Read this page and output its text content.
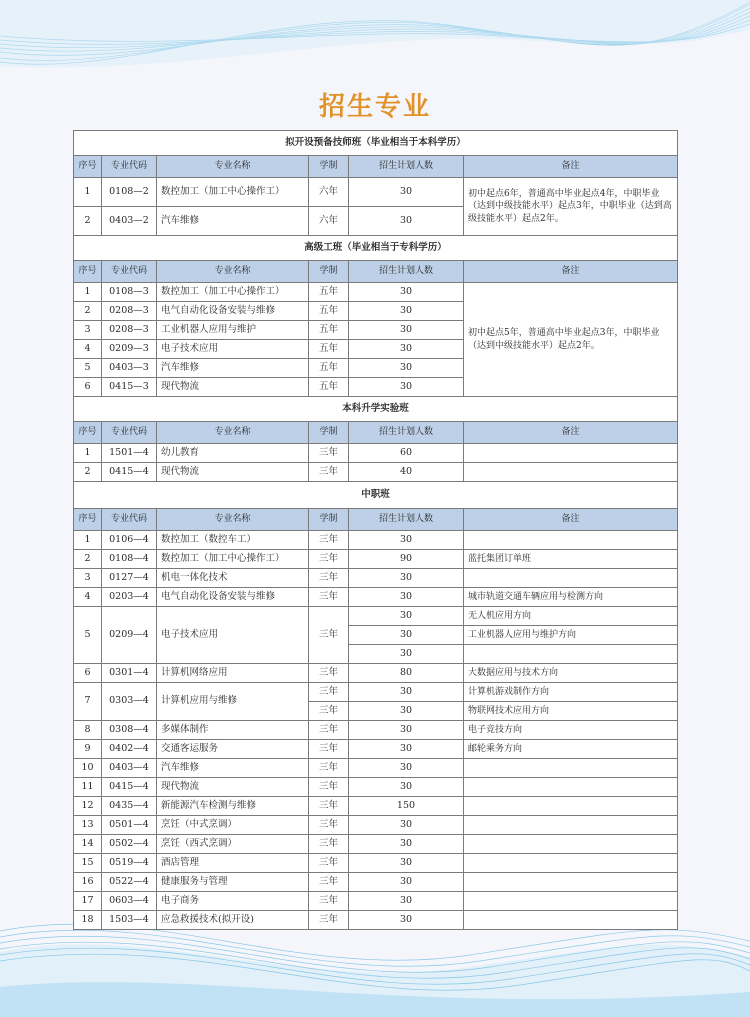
招生专业
拟开设预备技师班（毕业相当于本科学历）					
序号	专业代码	专业名称	学制	招生计划人数	备注
1	0108—2	数控加工（加工中心操作工）	六年	30	初中起点6年，普通高中毕业起点4年，中职毕业（达到中级技能水平）起点3年，中职毕业（达到高级技能水平）起点2年。
2	0403—2	汽车维修	六年	30	
高级工班（毕业相当于专科学历）					
序号	专业代码	专业名称	学制	招生计划人数	备注
1	0108—3	数控加工（加工中心操作工）	五年	30	初中起点5年，普通高中毕业起点3年，中职毕业（达到中级技能水平）起点2年。
2	0208—3	电气自动化设备安装与维修	五年	30	
3	0208—3	工业机器人应用与维护	五年	30	
4	0209—3	电子技术应用	五年	30	
5	0403—3	汽车维修	五年	30	
6	0415—3	现代物流	五年	30	
本科升学实验班					
序号	专业代码	专业名称	学制	招生计划人数	备注
1	1501—4	幼儿教育	三年	60	
2	0415—4	现代物流	三年	40	
中职班					
序号	专业代码	专业名称	学制	招生计划人数	备注
1	0106—4	数控加工（数控车工）	三年	30	
2	0108—4	数控加工（加工中心操作工）	三年	90	蓝托集团订单班
3	0127—4	机电一体化技术	三年	30	
4	0203—4	电气自动化设备安装与维修	三年	30	城市轨道交通车辆应用与检测方向
5	0209—4	电子技术应用	三年	30	无人机应用方向
				30	工业机器人应用与维护方向
				30	
6	0301—4	计算机网络应用	三年	80	大数据应用与技术方向
7	0303—4	计算机应用与维修	三年	30	计算机游戏制作方向
			三年	30	物联网技术应用方向
8	0308—4	多媒体制作	三年	30	电子竞技方向
9	0402—4	交通客运服务	三年	30	邮轮乘务方向
10	0403—4	汽车维修	三年	30	
11	0415—4	现代物流	三年	30	
12	0435—4	新能源汽车检测与维修	三年	150	
13	0501—4	烹饪（中式烹调）	三年	30	
14	0502—4	烹饪（西式烹调）	三年	30	
15	0519—4	酒店管理	三年	30	
16	0522—4	健康服务与管理	三年	30	
17	0603—4	电子商务	三年	30	
18	1503—4	应急救援技术(拟开设)	三年	30	
